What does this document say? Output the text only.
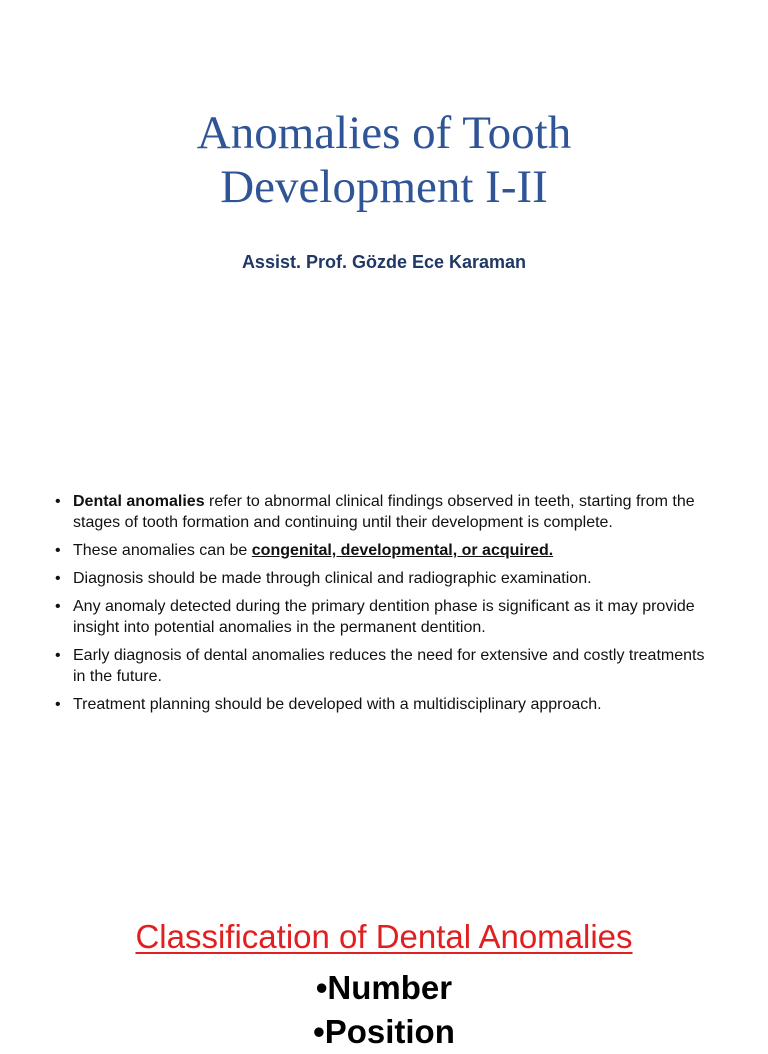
Anomalies of Tooth
Development I-II
Assist. Prof. Gözde Ece Karaman
• Dental anomalies refer to abnormal clinical findings observed in teeth, starting from the stages of tooth formation and continuing until their development is complete.
• These anomalies can be congenital, developmental, or acquired.
• Diagnosis should be made through clinical and radiographic examination.
• Any anomaly detected during the primary dentition phase is significant as it may provide insight into potential anomalies in the permanent dentition.
• Early diagnosis of dental anomalies reduces the need for extensive and costly treatments in the future.
• Treatment planning should be developed with a multidisciplinary approach.
Classification of Dental Anomalies
•Number
•Position
